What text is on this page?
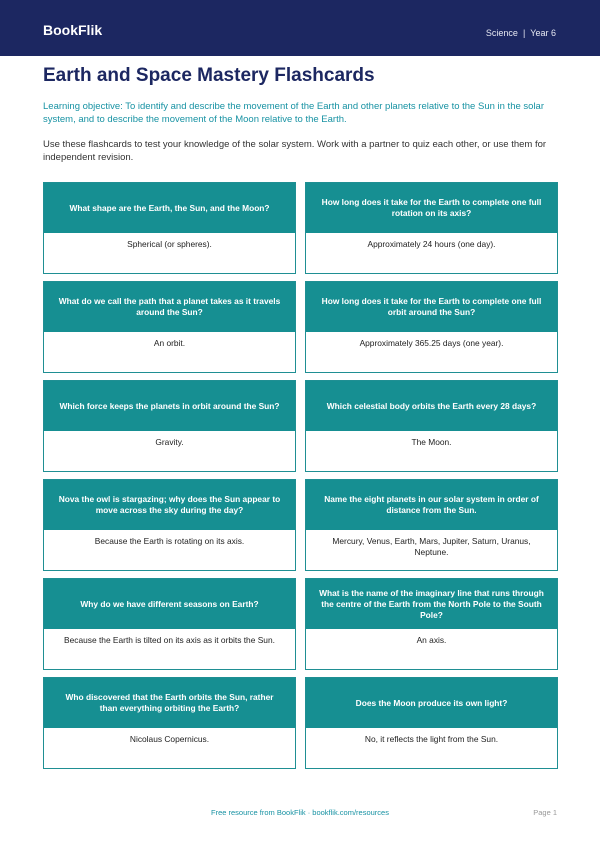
BookFlik	Science | Year 6
Earth and Space Mastery Flashcards
Learning objective: To identify and describe the movement of the Earth and other planets relative to the Sun in the solar system, and to describe the movement of the Moon relative to the Earth.
Use these flashcards to test your knowledge of the solar system. Work with a partner to quiz each other, or use them for independent revision.
What shape are the Earth, the Sun, and the Moon?
Spherical (or spheres).
How long does it take for the Earth to complete one full rotation on its axis?
Approximately 24 hours (one day).
What do we call the path that a planet takes as it travels around the Sun?
An orbit.
How long does it take for the Earth to complete one full orbit around the Sun?
Approximately 365.25 days (one year).
Which force keeps the planets in orbit around the Sun?
Gravity.
Which celestial body orbits the Earth every 28 days?
The Moon.
Nova the owl is stargazing; why does the Sun appear to move across the sky during the day?
Because the Earth is rotating on its axis.
Name the eight planets in our solar system in order of distance from the Sun.
Mercury, Venus, Earth, Mars, Jupiter, Saturn, Uranus, Neptune.
Why do we have different seasons on Earth?
Because the Earth is tilted on its axis as it orbits the Sun.
What is the name of the imaginary line that runs through the centre of the Earth from the North Pole to the South Pole?
An axis.
Who discovered that the Earth orbits the Sun, rather than everything orbiting the Earth?
Nicolaus Copernicus.
Does the Moon produce its own light?
No, it reflects the light from the Sun.
Free resource from BookFlik · bookflik.com/resources	Page 1
